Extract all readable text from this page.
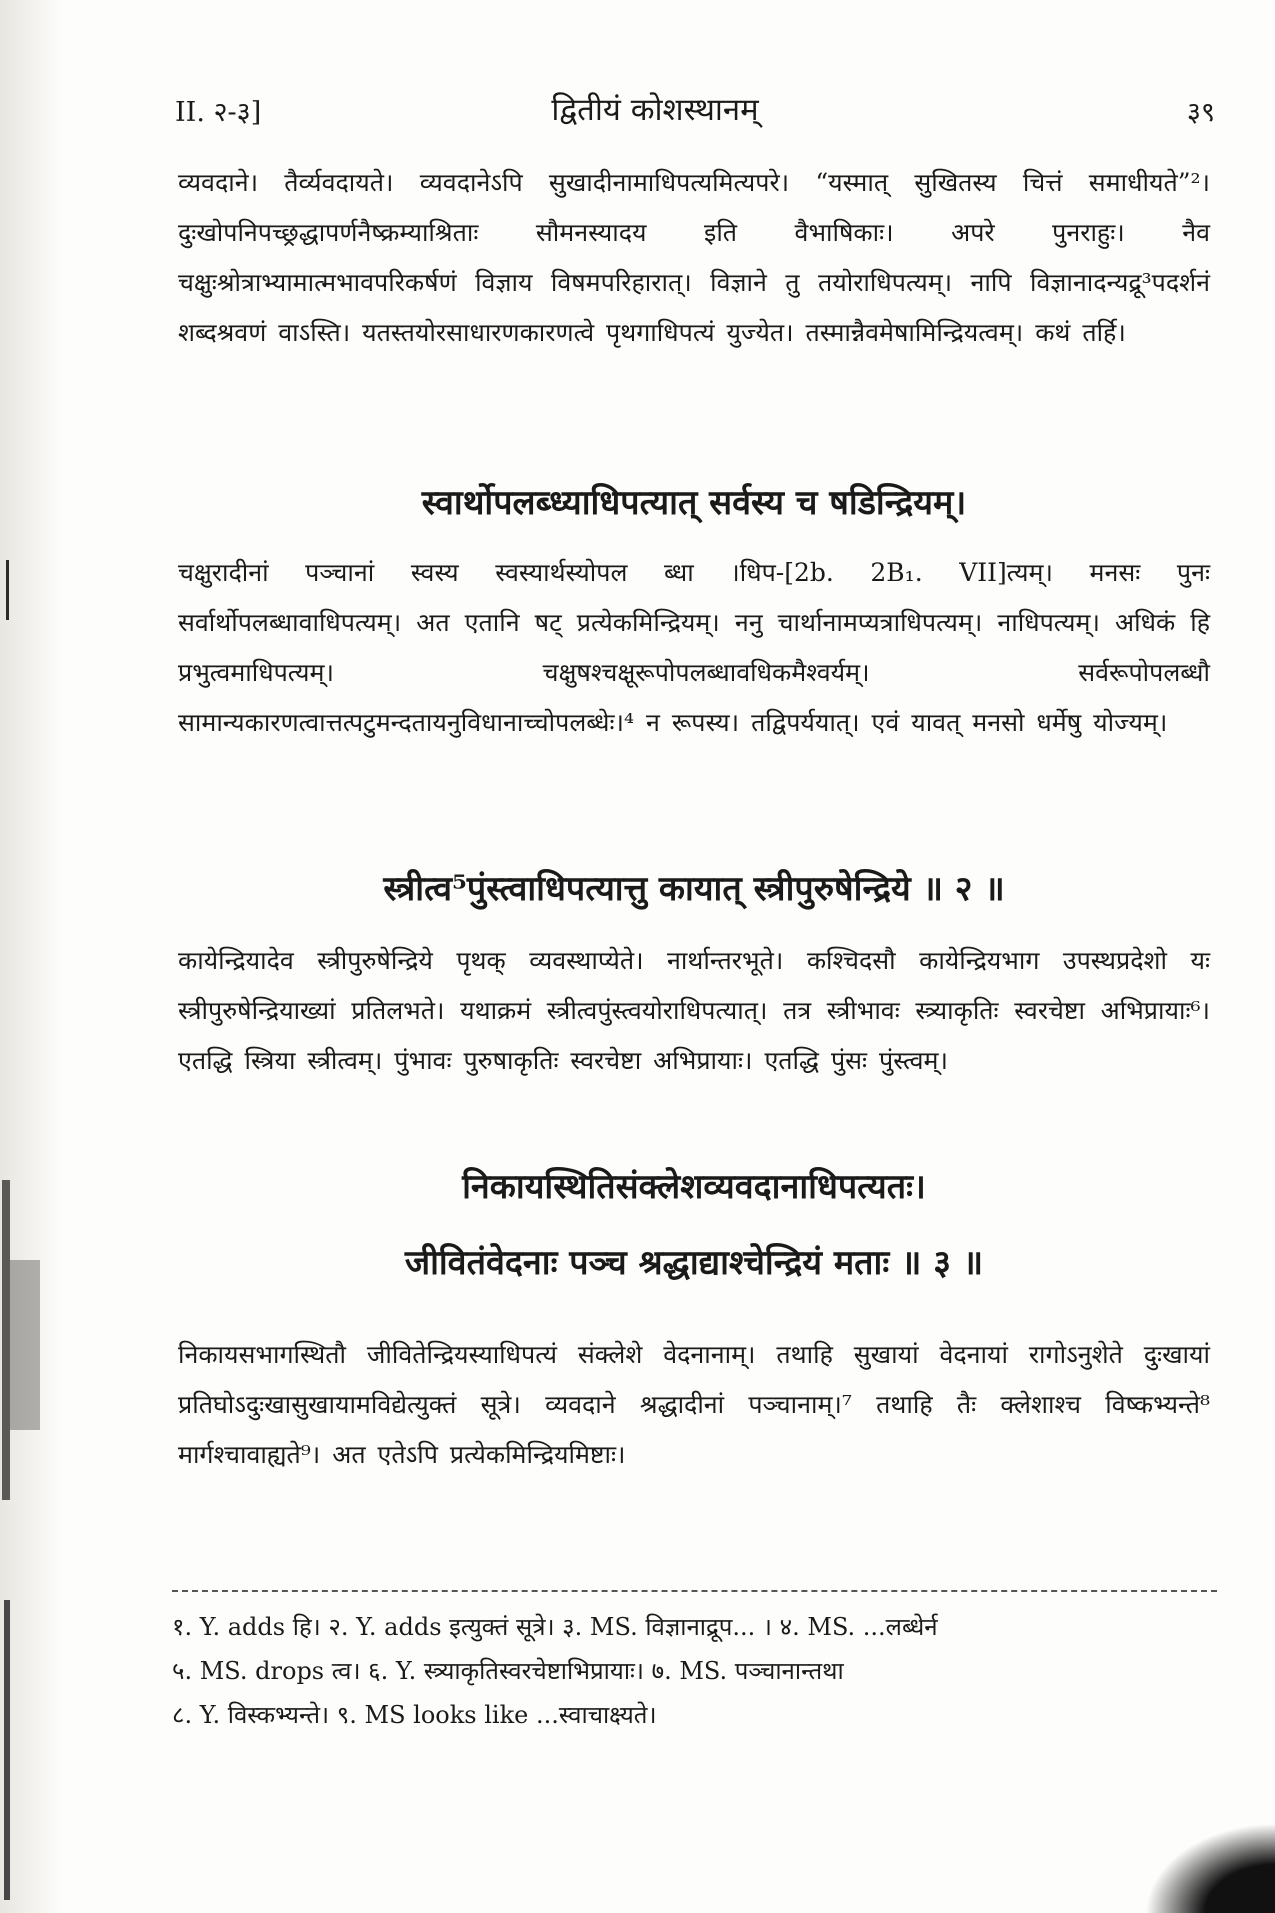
II. २-३]	द्वितीयं कोशस्थानम्	३९

व्यवदाने। तैर्व्यवदायते। व्यवदानेऽपि सुखादीनामाधिपत्यमित्यपरे। “यस्मात् सुखितस्य चित्तं समाधीयते”²। दुःखोपनिपच्छ्रद्धापर्णनैष्क्रम्याश्रिताः सौमनस्यादय इति वैभाषिकाः। अपरे पुनराहुः। नैव चक्षुःश्रोत्राभ्यामात्मभावपरिकर्षणं विज्ञाय विषमपरिहारात्। विज्ञाने तु तयोराधिपत्यम्। नापि विज्ञानादन्यद्रू³पदर्शनं शब्दश्रवणं वाऽस्ति। यतस्तयोरसाधारणकारणत्वे पृथगाधिपत्यं युज्येत। तस्मान्नैवमेषामिन्द्रियत्वम्। कथं तर्हि।

स्वार्थोपलब्ध्याधिपत्यात् सर्वस्य च षडिन्द्रियम्।

चक्षुरादीनां पञ्चानां स्वस्य स्वस्यार्थस्योपल ब्धा ।धिप-[2b. 2B₁. VII]त्यम्। मनसः पुनः सर्वार्थोपलब्धावाधिपत्यम्। अत एतानि षट् प्रत्येकमिन्द्रियम्। ननु चार्थानामप्यत्राधिपत्यम्। नाधिपत्यम्। अधिकं हि प्रभुत्वमाधिपत्यम्। चक्षुषश्चक्षूरूपोपलब्धावधिकमैश्वर्यम्। सर्वरूपोपलब्धौ सामान्यकारणत्वात्तत्पटुमन्दतायनुविधानाच्चोपलब्धेः।⁴ न रूपस्य। तद्विपर्ययात्। एवं यावत् मनसो धर्मेषु योज्यम्।

स्त्रीत्व⁵पुंस्त्वाधिपत्यात्तु कायात् स्त्रीपुरुषेन्द्रिये ॥ २ ॥

कायेन्द्रियादेव स्त्रीपुरुषेन्द्रिये पृथक् व्यवस्थाप्येते। नार्थान्तरभूते। कश्चिदसौ कायेन्द्रियभाग उपस्थप्रदेशो यः स्त्रीपुरुषेन्द्रियाख्यां प्रतिलभते। यथाक्रमं स्त्रीत्वपुंस्त्वयोराधिपत्यात्। तत्र स्त्रीभावः स्त्र्याकृतिः स्वरचेष्टा अभिप्रायाः⁶। एतद्धि स्त्रिया स्त्रीत्वम्। पुंभावः पुरुषाकृतिः स्वरचेष्टा अभिप्रायाः। एतद्धि पुंसः पुंस्त्वम्।

निकायस्थितिसंक्लेशव्यवदानाधिपत्यतः।
जीवितंवेदनाः पञ्च श्रद्धाद्याश्चेन्द्रियं मताः ॥ ३ ॥

निकायसभागस्थितौ जीवितेन्द्रियस्याधिपत्यं संक्लेशे वेदनानाम्। तथाहि सुखायां वेदनायां रागोऽनुशेते दुःखायां प्रतिघोऽदुःखासुखायामविद्येत्युक्तं सूत्रे। व्यवदाने श्रद्धादीनां पञ्चानाम्।⁷ तथाहि तैः क्लेशाश्च विष्कभ्यन्ते⁸ मार्गश्चावाह्यते⁹। अत एतेऽपि प्रत्येकमिन्द्रियमिष्टाः।

१. Y. adds हि। २. Y. adds इत्युक्तं सूत्रे। ३. MS. विज्ञानाद्रूप... । ४. MS. ...लब्धेर्न
५. MS. drops त्व। ६. Y. स्त्र्याकृतिस्वरचेष्टाभिप्रायाः। ७. MS. पञ्चानान्तथा
८. Y. विस्कभ्यन्ते। ९. MS looks like ...स्वाचाक्ष्यते।
